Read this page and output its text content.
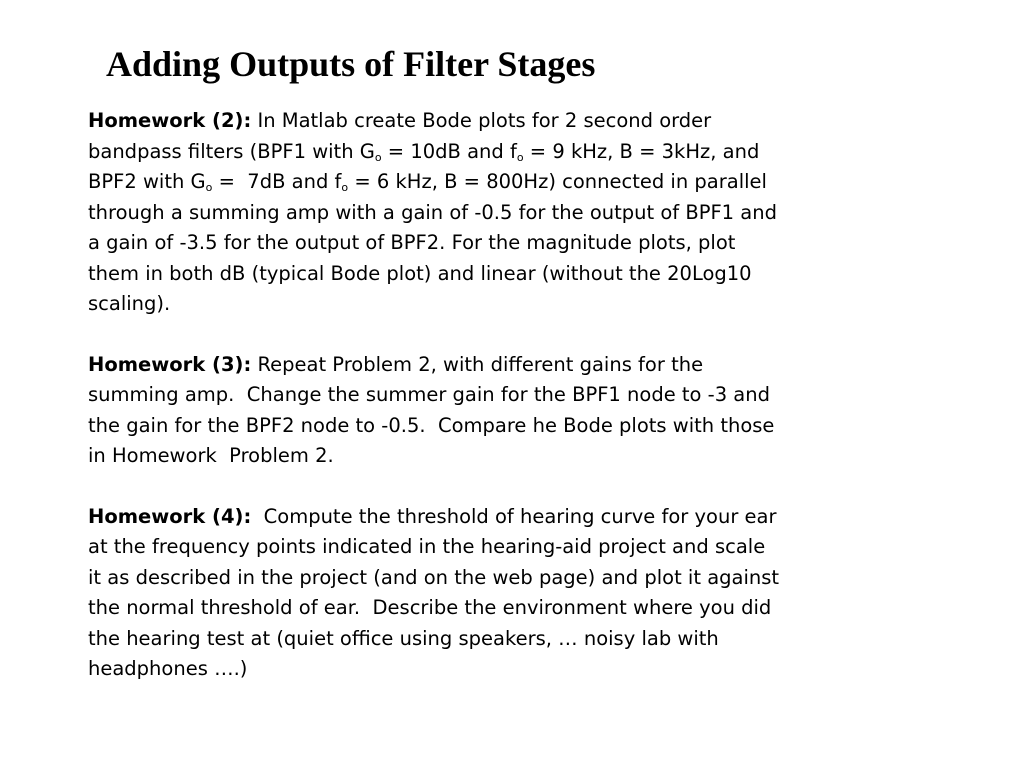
Adding Outputs of Filter Stages

Homework (2): In Matlab create Bode plots for 2 second order
bandpass filters (BPF1 with $G_o = 10dB$ and $f_o = 9$ kHz, B = 3kHz, and
BPF2 with $G_o = 7dB$ and $f_o = 6$ kHz, B = 800Hz) connected in parallel
through a summing amp with a gain of -0.5 for the output of BPF1 and
a gain of -3.5 for the output of BPF2. For the magnitude plots, plot
them in both dB (typical Bode plot) and linear (without the 20Log10
scaling).

Homework (3): Repeat Problem 2, with different gains for the
summing amp.  Change the summer gain for the BPF1 node to -3 and
the gain for the BPF2 node to -0.5.  Compare he Bode plots with those
in Homework  Problem 2.

Homework (4):  Compute the threshold of hearing curve for your ear
at the frequency points indicated in the hearing-aid project and scale
it as described in the project (and on the web page) and plot it against
the normal threshold of ear.  Describe the environment where you did
the hearing test at (quiet office using speakers, … noisy lab with
headphones ….)
